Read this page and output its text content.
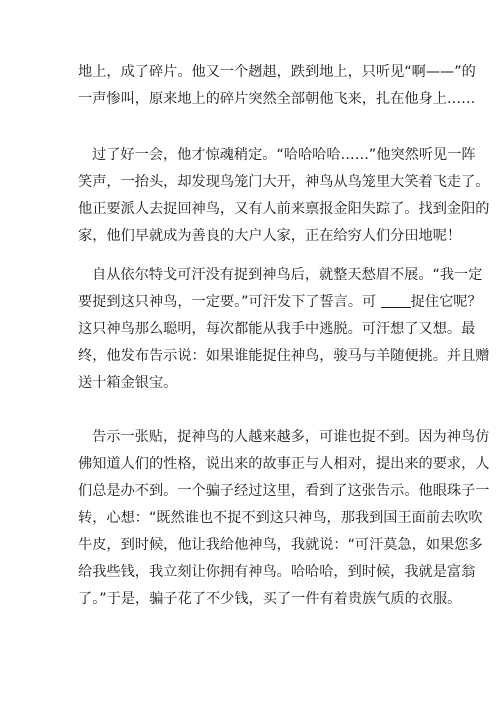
地上，成了碎片。他又一个趔趄，跌到地上，只听见“啊——”的
一声惨叫，原来地上的碎片突然全部朝他飞来，扎在他身上……
过了好一会，他才惊魂稍定。“哈哈哈哈……”他突然听见一阵
笑声，一抬头，却发现鸟笼门大开，神鸟从鸟笼里大笑着飞走了。
他正要派人去捉回神鸟，又有人前来禀报金阳失踪了。找到金阳的
家，他们早就成为善良的大户人家，正在给穷人们分田地呢！
自从依尔特戈可汗没有捉到神鸟后，就整天愁眉不展。“我一定
要捉到这只神鸟，一定要。”可汗发下了誓言。可 捉住它呢？
这只神鸟那么聪明，每次都能从我手中逃脱。可汗想了又想。最
终，他发布告示说：如果谁能捉住神鸟，骏马与羊随便挑。并且赠
送十箱金银宝。
告示一张贴，捉神鸟的人越来越多，可谁也捉不到。因为神鸟仿
佛知道人们的性格，说出来的故事正与人相对，提出来的要求，人
们总是办不到。一个骗子经过这里，看到了这张告示。他眼珠子一
转，心想：“既然谁也不捉不到这只神鸟，那我到国王面前去吹吹
牛皮，到时候，他让我给他神鸟，我就说：“可汗莫急，如果您多
给我些钱，我立刻让你拥有神鸟。哈哈哈，到时候，我就是富翁
了。”于是，骗子花了不少钱，买了一件有着贵族气质的衣服。
